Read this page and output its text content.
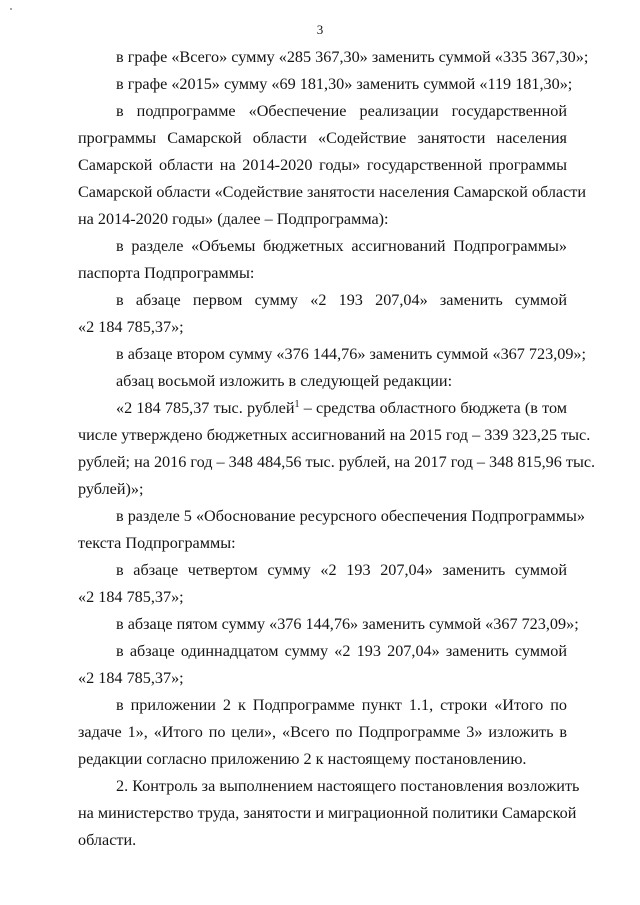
3
в графе «Всего» сумму «285 367,30» заменить суммой «335 367,30»;
в графе «2015» сумму «69 181,30» заменить суммой «119 181,30»;
в подпрограмме «Обеспечение реализации государственной
программы Самарской области «Содействие занятости населения
Самарской области на 2014-2020 годы» государственной программы
Самарской области «Содействие занятости населения Самарской области
на 2014-2020 годы» (далее – Подпрограмма):
в разделе «Объемы бюджетных ассигнований Подпрограммы»
паспорта Подпрограммы:
в абзаце первом сумму «2 193 207,04» заменить суммой
«2 184 785,37»;
в абзаце втором сумму «376 144,76» заменить суммой «367 723,09»;
абзац восьмой изложить в следующей редакции:
«2 184 785,37 тыс. рублей$^1$ – средства областного бюджета (в том
числе утверждено бюджетных ассигнований на 2015 год – 339 323,25 тыс.
рублей; на 2016 год – 348 484,56 тыс. рублей, на 2017 год – 348 815,96 тыс.
рублей)»;
в разделе 5 «Обоснование ресурсного обеспечения Подпрограммы»
текста Подпрограммы:
в абзаце четвертом сумму «2 193 207,04» заменить суммой
«2 184 785,37»;
в абзаце пятом сумму «376 144,76» заменить суммой «367 723,09»;
в абзаце одиннадцатом сумму «2 193 207,04» заменить суммой
«2 184 785,37»;
в приложении 2 к Подпрограмме пункт 1.1, строки «Итого по
задаче 1», «Итого по цели», «Всего по Подпрограмме 3» изложить в
редакции согласно приложению 2 к настоящему постановлению.
2. Контроль за выполнением настоящего постановления возложить
на министерство труда, занятости и миграционной политики Самарской
области.
